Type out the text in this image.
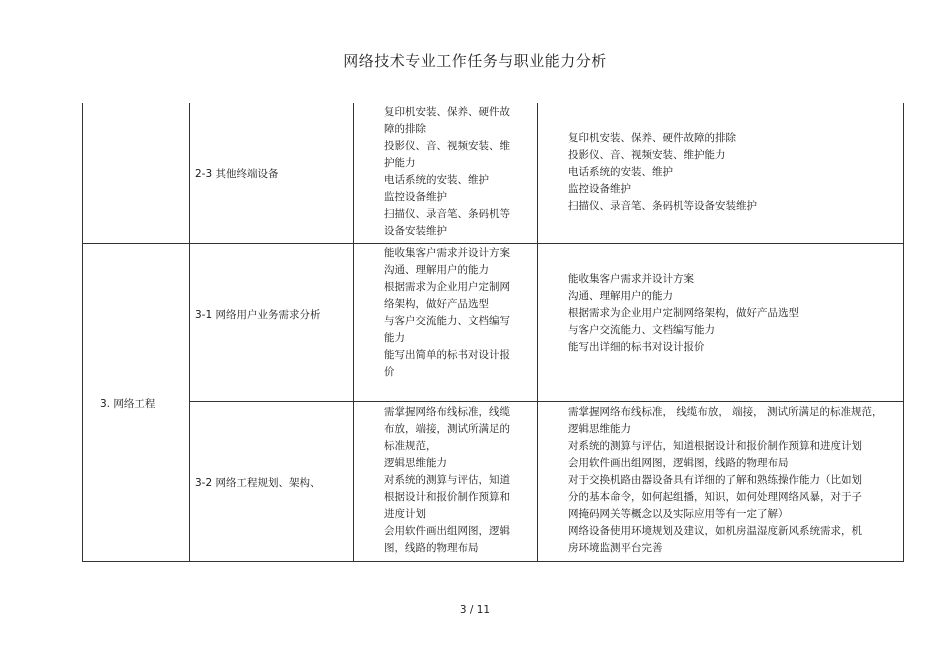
网络技术专业工作任务与职业能力分析
3. 网络工程
2-3 其他终端设备
复印机安装、保养、硬件故
障的排除
投影仪、音、视频安装、维
护能力
电话系统的安装、维护
监控设备维护
扫描仪、录音笔、条码机等
设备安装维护
复印机安装、保养、硬件故障的排除
投影仪、音、视频安装、维护能力
电话系统的安装、维护
监控设备维护
扫描仪、录音笔、条码机等设备安装维护
3-1 网络用户业务需求分析
能收集客户需求并设计方案
沟通、理解用户的能力
根据需求为企业用户定制网
络架构，做好产品选型
与客户交流能力、文档编写
能力
能写出简单的标书对设计报
价
能收集客户需求并设计方案
沟通、理解用户的能力
根据需求为企业用户定制网络架构，做好产品选型
与客户交流能力、文档编写能力
能写出详细的标书对设计报价
3-2 网络工程规划、架构、
需掌握网络布线标准，线缆
布放，端接，测试所满足的
标准规范，
逻辑思维能力
对系统的测算与评估，知道
根据设计和报价制作预算和
进度计划
会用软件画出组网图，逻辑
图，线路的物理布局
需掌握网络布线标准， 线缆布放， 端接， 测试所满足的标准规范，
逻辑思维能力
对系统的测算与评估，知道根据设计和报价制作预算和进度计划
会用软件画出组网图，逻辑图，线路的物理布局
对于交换机路由器设备具有详细的了解和熟练操作能力（比如划
分的基本命令，如何起组播，知识，如何处理网络风暴，对于子
网掩码网关等概念以及实际应用等有一定了解）
网络设备使用环境规划及建议，如机房温湿度新风系统需求，机
房环境监测平台完善
3 / 11
